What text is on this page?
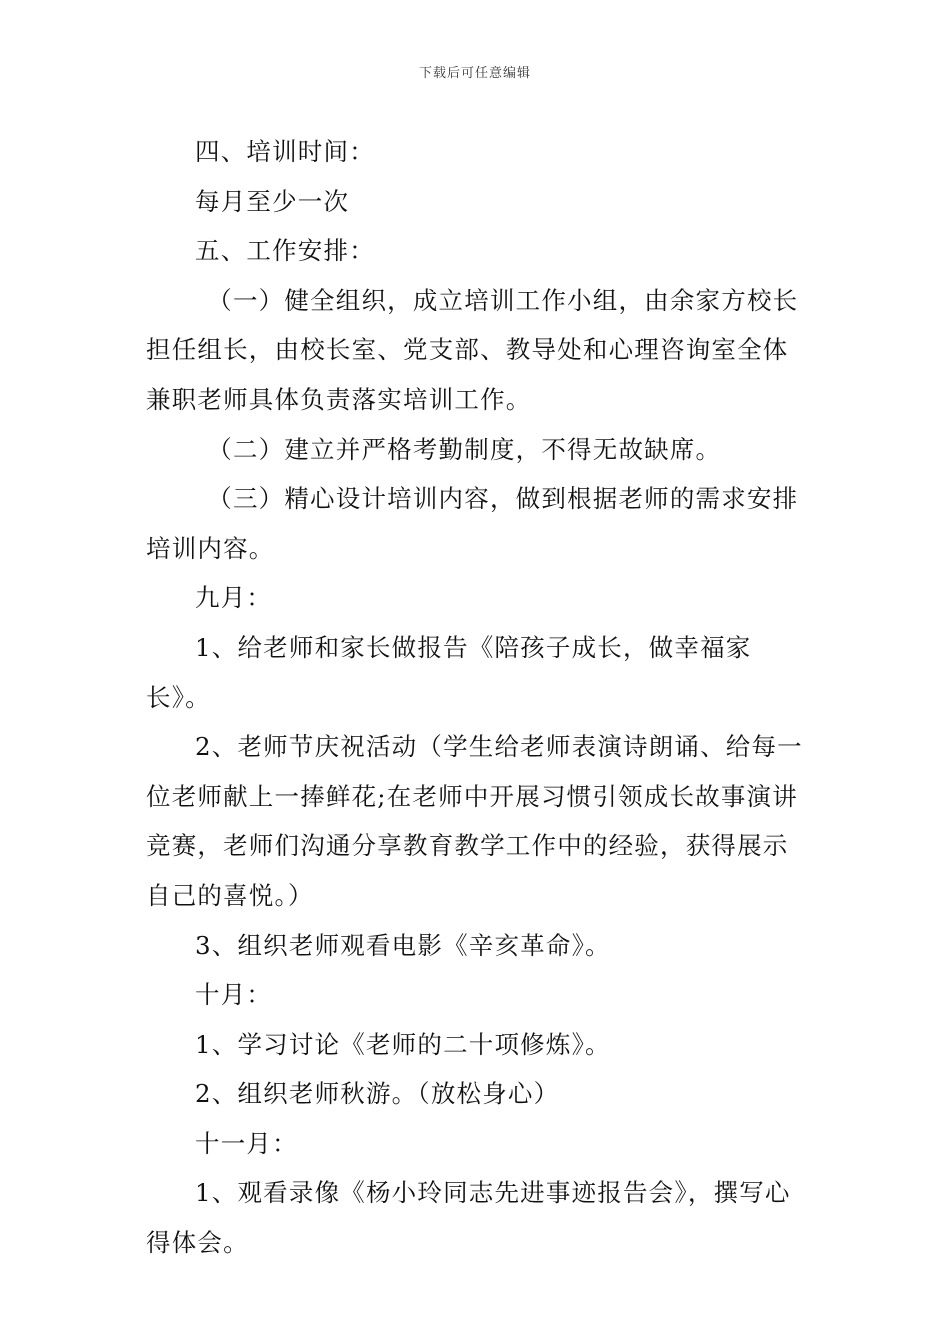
下载后可任意编辑

四、培训时间：

每月至少一次

五、工作安排：

（一）健全组织，成立培训工作小组，由余家方校长担任组长，由校长室、党支部、教导处和心理咨询室全体兼职老师具体负责落实培训工作。

（二）建立并严格考勤制度，不得无故缺席。

（三）精心设计培训内容，做到根据老师的需求安排培训内容。

九月：

1、给老师和家长做报告《陪孩子成长，做幸福家长》。

2、老师节庆祝活动（学生给老师表演诗朗诵、给每一位老师献上一捧鲜花;在老师中开展习惯引领成长故事演讲竞赛，老师们沟通分享教育教学工作中的经验，获得展示自己的喜悦。）

3、组织老师观看电影《辛亥革命》。

十月：

1、学习讨论《老师的二十项修炼》。

2、组织老师秋游。（放松身心）

十一月：

1、观看录像《杨小玲同志先进事迹报告会》，撰写心得体会。
